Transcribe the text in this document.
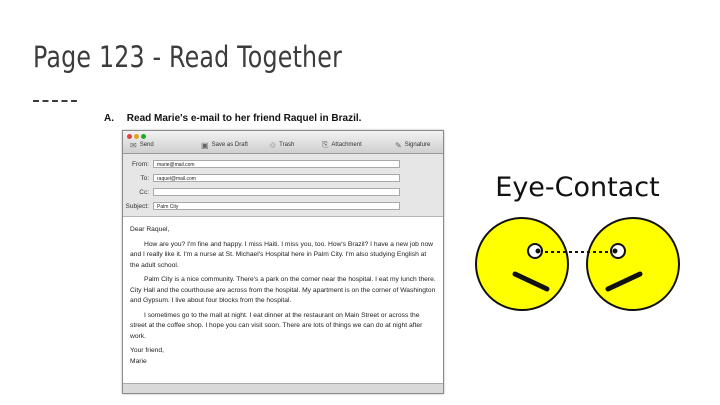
Page 123 - Read Together
A. Read Marie's e-mail to her friend Raquel in Brazil.
✉ Send	▣ Save as Draft	♲ Trash	⎘ Attachment	✎ Signature
From:	marie@mail.com
To:	raquel@mail.com
Cc:
Subject:	Palm City

Dear Raquel,

How are you? I'm fine and happy. I miss Haiti. I miss you, too. How's Brazil? I have a new job now and I really like it. I'm a nurse at St. Michael's Hospital here in Palm City. I'm also studying English at the adult school.

Palm City is a nice community. There's a park on the corner near the hospital. I eat my lunch there. City Hall and the courthouse are across from the hospital. My apartment is on the corner of Washington and Gypsum. I live about four blocks from the hospital.

I sometimes go to the mall at night. I eat dinner at the restaurant on Main Street or across the street at the coffee shop. I hope you can visit soon. There are lots of things we can do at night after work.

Your friend,

Marie

Eye-Contact
